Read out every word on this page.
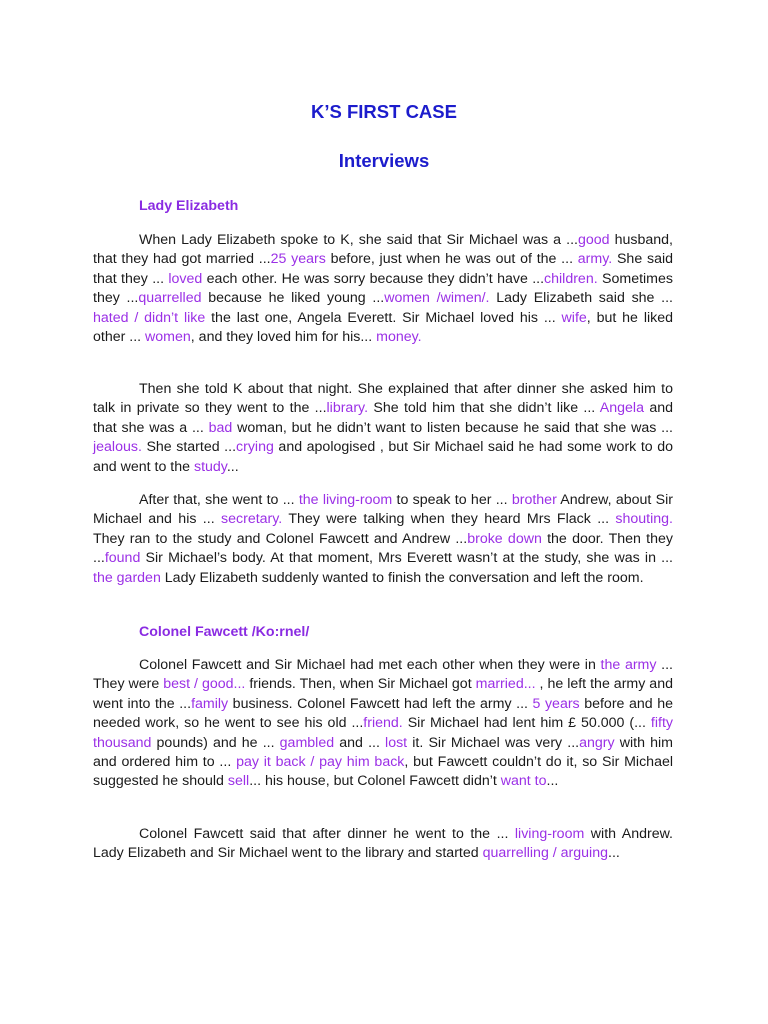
K’S FIRST CASE
Interviews
Lady Elizabeth

When Lady Elizabeth spoke to K, she said that Sir Michael was a ...good husband, that they had got married ...25 years before, just when he was out of the ... army. She said that they ... loved each other. He was sorry because they didn’t have ...children. Sometimes they ...quarrelled because he liked young ...women /wimen/. Lady Elizabeth said she ... hated / didn’t like the last one, Angela Everett. Sir Michael loved his ... wife, but he liked other ... women, and they loved him for his... money.

Then she told K about that night. She explained that after dinner she asked him to talk in private so they went to the ...library. She told him that she didn’t like ... Angela and that she was a ... bad woman, but he didn’t want to listen because he said that she was ... jealous. She started ...crying and apologised , but Sir Michael said he had some work to do and went to the study...

After that, she went to ... the living-room to speak to her ... brother Andrew, about Sir Michael and his ... secretary. They were talking when they heard Mrs Flack ... shouting. They ran to the study and Colonel Fawcett and Andrew ...broke down the door. Then they ...found Sir Michael’s body. At that moment, Mrs Everett wasn’t at the study, she was in ... the garden Lady Elizabeth suddenly wanted to finish the conversation and left the room.

Colonel Fawcett /Ko:rnel/

Colonel Fawcett and Sir Michael had met each other when they were in the army ... They were best / good... friends. Then, when Sir Michael got married... , he left the army and went into the ...family business. Colonel Fawcett had left the army ... 5 years before and he needed work, so he went to see his old ...friend. Sir Michael had lent him £ 50.000 (... fifty thousand pounds) and he ... gambled and ... lost it. Sir Michael was very ...angry with him and ordered him to ... pay it back / pay him back, but Fawcett couldn’t do it, so Sir Michael suggested he should sell... his house, but Colonel Fawcett didn’t want to...

Colonel Fawcett said that after dinner he went to the ... living-room with Andrew. Lady Elizabeth and Sir Michael went to the library and started quarrelling / arguing...
